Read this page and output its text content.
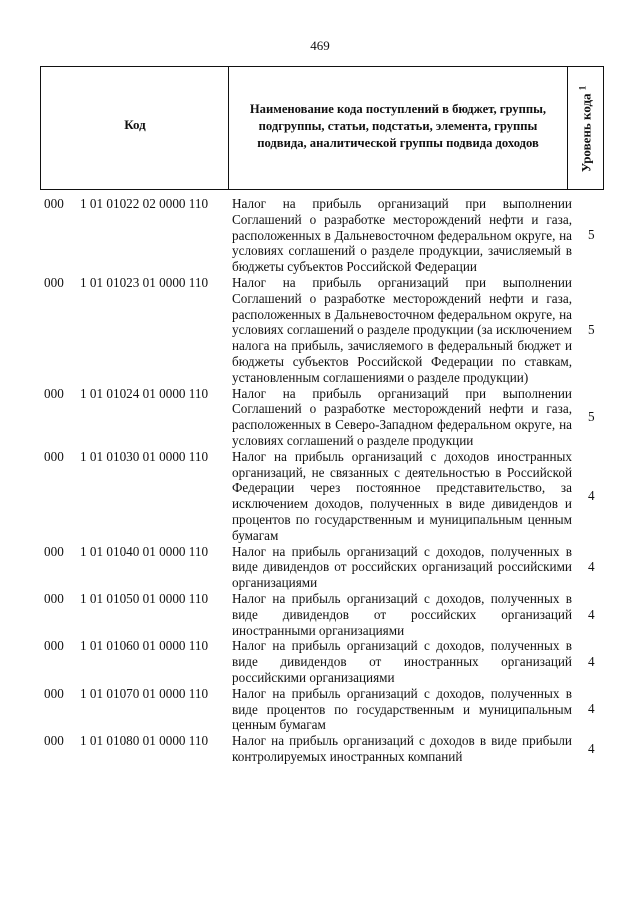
469
Код
Наименование кода поступлений в бюджет, группы, подгруппы, статьи, подстатьи, элемента, группы подвида, аналитической группы подвида доходов	Уровень кода $^1$
000 1 01 01022 02 0000 110 Налог на прибыль организаций при выполнении Соглашений о разработке месторождений нефти и газа, расположенных в Дальневосточном федеральном округе, на условиях соглашений о разделе продукции, зачисляемый в бюджеты субъектов Российской Федерации
5
000 1 01 01023 01 0000 110 Налог на прибыль организаций при выполнении Соглашений о разработке месторождений нефти и газа, расположенных в Дальневосточном федеральном округе, на условиях соглашений о разделе продукции (за исключением налога на прибыль, зачисляемого в федеральный бюджет и бюджеты субъектов Российской Федерации по ставкам, установленным соглашениями о разделе продукции)
5
000 1 01 01024 01 0000 110 Налог на прибыль организаций при выполнении Соглашений о разработке месторождений нефти и газа, расположенных в Северо-Западном федеральном округе, на условиях соглашений о разделе продукции
5
000 1 01 01030 01 0000 110 Налог на прибыль организаций с доходов иностранных организаций, не связанных с деятельностью в Российской Федерации через постоянное представительство, за исключением доходов, полученных в виде дивидендов и процентов по государственным и муниципальным ценным бумагам
4
000 1 01 01040 01 0000 110 Налог на прибыль организаций с доходов, полученных в виде дивидендов от российских организаций российскими организациями
4
000 1 01 01050 01 0000 110 Налог на прибыль организаций с доходов, полученных в виде дивидендов от российских организаций иностранными организациями
4
000 1 01 01060 01 0000 110 Налог на прибыль организаций с доходов, полученных в виде дивидендов от иностранных организаций российскими организациями
4
000 1 01 01070 01 0000 110 Налог на прибыль организаций с доходов, полученных в виде процентов по государственным и муниципальным ценным бумагам
4
000 1 01 01080 01 0000 110 Налог на прибыль организаций с доходов в виде прибыли контролируемых иностранных компаний
4
